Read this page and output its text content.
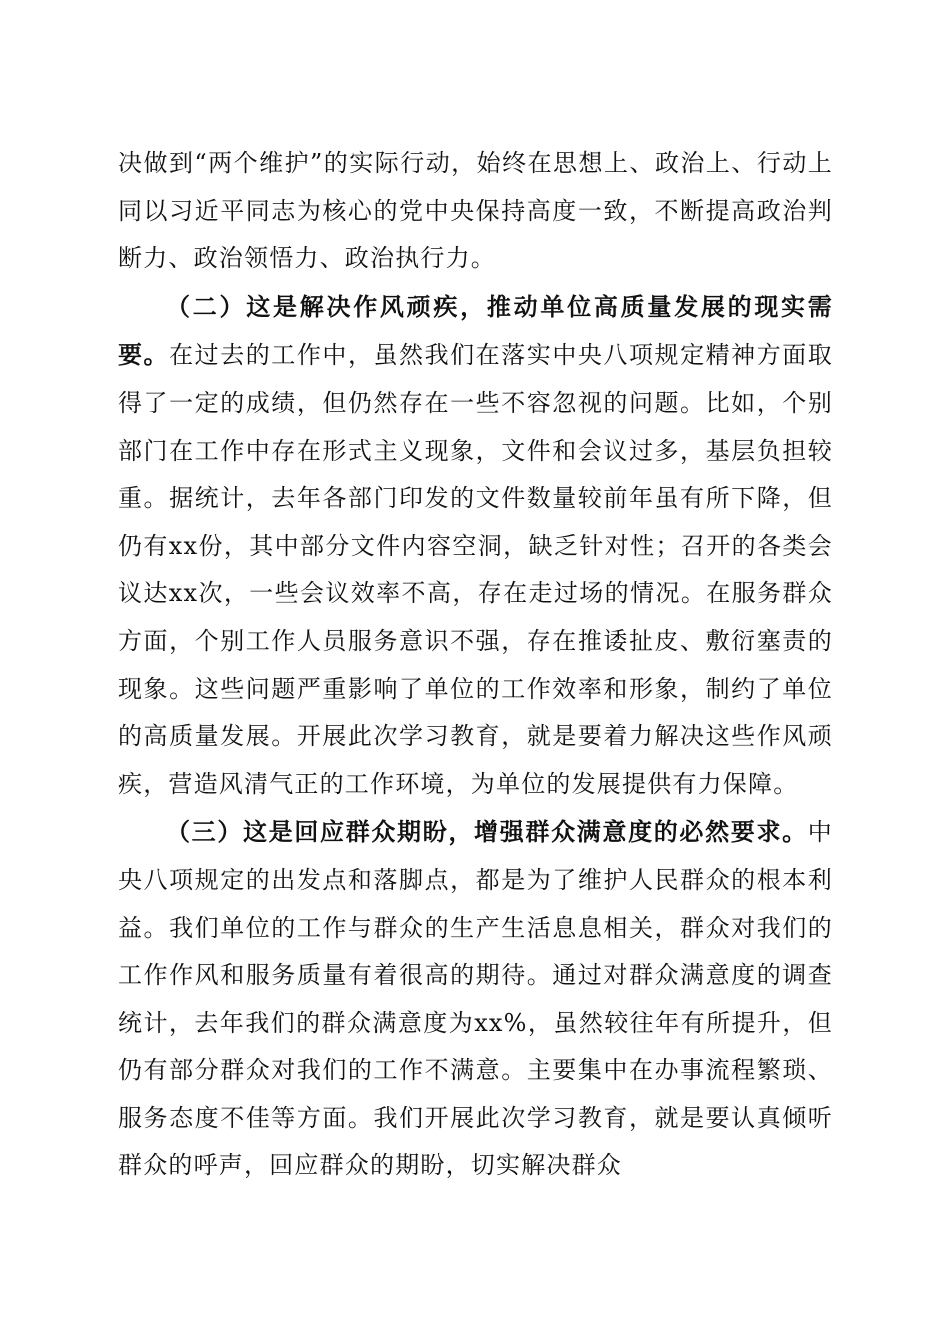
决做到“两个维护”的实际行动，始终在思想上、政治上、行动上同以习近平同志为核心的党中央保持高度一致，不断提高政治判断力、政治领悟力、政治执行力。

（二）这是解决作风顽疾，推动单位高质量发展的现实需要。在过去的工作中，虽然我们在落实中央八项规定精神方面取得了一定的成绩，但仍然存在一些不容忽视的问题。比如，个别部门在工作中存在形式主义现象，文件和会议过多，基层负担较重。据统计，去年各部门印发的文件数量较前年虽有所下降，但仍有xx份，其中部分文件内容空洞，缺乏针对性；召开的各类会议达xx次，一些会议效率不高，存在走过场的情况。在服务群众方面，个别工作人员服务意识不强，存在推诿扯皮、敷衍塞责的现象。这些问题严重影响了单位的工作效率和形象，制约了单位的高质量发展。开展此次学习教育，就是要着力解决这些作风顽疾，营造风清气正的工作环境，为单位的发展提供有力保障。

（三）这是回应群众期盼，增强群众满意度的必然要求。中央八项规定的出发点和落脚点，都是为了维护人民群众的根本利益。我们单位的工作与群众的生产生活息息相关，群众对我们的工作作风和服务质量有着很高的期待。通过对群众满意度的调查统计，去年我们的群众满意度为xx%，虽然较往年有所提升，但仍有部分群众对我们的工作不满意。主要集中在办事流程繁琐、服务态度不佳等方面。我们开展此次学习教育，就是要认真倾听群众的呼声，回应群众的期盼，切实解决群众
